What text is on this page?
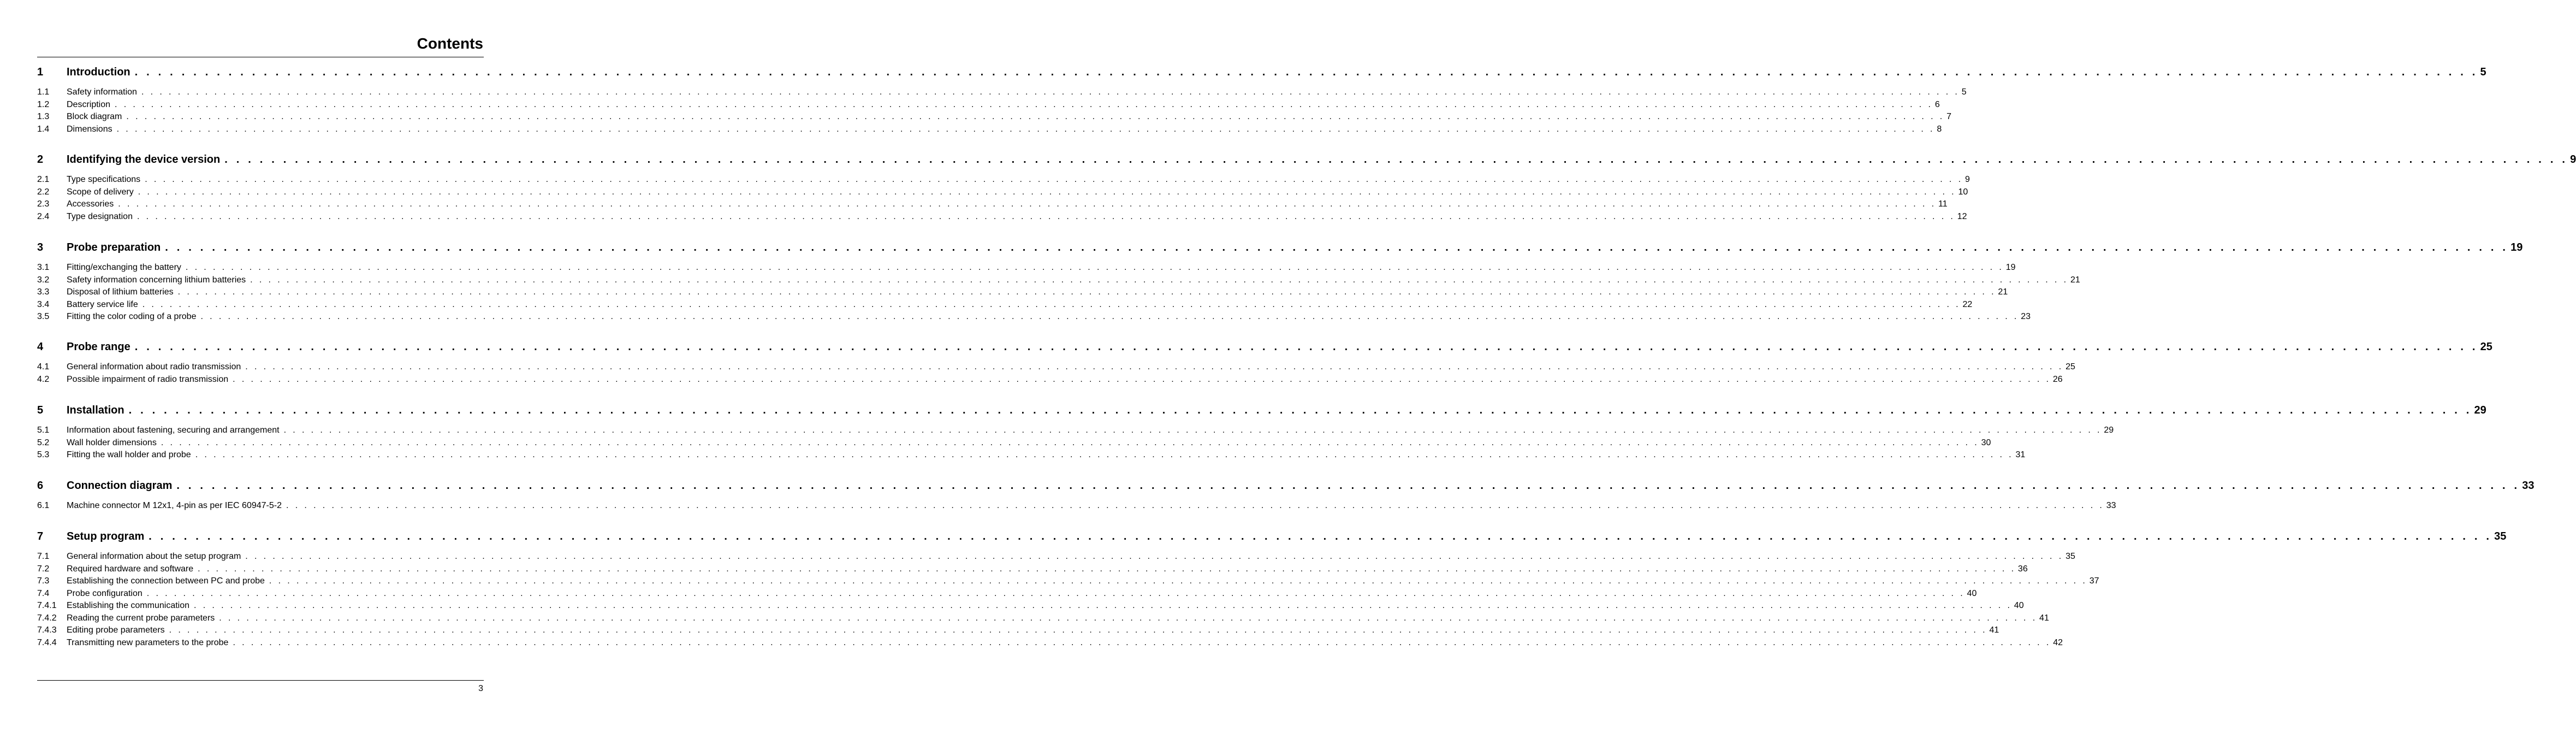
Contents
1	Introduction . . . . . . . . . . . . . . . . . . . . . . . . . . . . . . . . . . . . . . . . . . . . . . . . . . . . . . . . . . . . . . . . . . . . . . . . . . . . . . . . . . . . . . . . . . . . . . . . . . . . . . . . . . . . . . . . . . . . . . . . . . . . . . . . . . . . . . . . . . . . . . . . . . . . . . . . . . . . . . . . . . . . . . . . . . . . . . . . . . . . . . . . . . . . . . . . . . . . . . . . 5
1.1	Safety information . . . . . . . . . . . . . . . . . . . . . . . . . . . . . . . . . . . . . . . . . . . . . . . . . . . . . . . . . . . . . . . . . . . . . . . . . . . . . . . . . . . . . . . . . . . . . . . . . . . . . . . . . . . . . . . . . . . . . . . . . . . . . . . . . . . . . . . . . . . . . . . . . . . . . . . . . . . . . . . . . . . . . . . . . . . . . . . . . . . . . . . . . . . . . . . . . . . . . . . . 5
1.2	Description . . . . . . . . . . . . . . . . . . . . . . . . . . . . . . . . . . . . . . . . . . . . . . . . . . . . . . . . . . . . . . . . . . . . . . . . . . . . . . . . . . . . . . . . . . . . . . . . . . . . . . . . . . . . . . . . . . . . . . . . . . . . . . . . . . . . . . . . . . . . . . . . . . . . . . . . . . . . . . . . . . . . . . . . . . . . . . . . . . . . . . . . . . . . . . . . . . . . . . . . 6
1.3	Block diagram . . . . . . . . . . . . . . . . . . . . . . . . . . . . . . . . . . . . . . . . . . . . . . . . . . . . . . . . . . . . . . . . . . . . . . . . . . . . . . . . . . . . . . . . . . . . . . . . . . . . . . . . . . . . . . . . . . . . . . . . . . . . . . . . . . . . . . . . . . . . . . . . . . . . . . . . . . . . . . . . . . . . . . . . . . . . . . . . . . . . . . . . . . . . . . . . . . . . . . . . 7
1.4	Dimensions . . . . . . . . . . . . . . . . . . . . . . . . . . . . . . . . . . . . . . . . . . . . . . . . . . . . . . . . . . . . . . . . . . . . . . . . . . . . . . . . . . . . . . . . . . . . . . . . . . . . . . . . . . . . . . . . . . . . . . . . . . . . . . . . . . . . . . . . . . . . . . . . . . . . . . . . . . . . . . . . . . . . . . . . . . . . . . . . . . . . . . . . . . . . . . . . . . . . . . . . 8
2	Identifying the device version . . . . . . . . . . . . . . . . . . . . . . . . . . . . . . . . . . . . . . . . . . . . . . . . . . . . . . . . . . . . . . . . . . . . . . . . . . . . . . . . . . . . . . . . . . . . . . . . . . . . . . . . . . . . . . . . . . . . . . . . . . . . . . . . . . . . . . . . . . . . . . . . . . . . . . . . . . . . . . . . . . . . . . . . . . . . . . . . . . . . . . . . . . . . . . . . . . . . . . . . 9
2.1	Type specifications . . . . . . . . . . . . . . . . . . . . . . . . . . . . . . . . . . . . . . . . . . . . . . . . . . . . . . . . . . . . . . . . . . . . . . . . . . . . . . . . . . . . . . . . . . . . . . . . . . . . . . . . . . . . . . . . . . . . . . . . . . . . . . . . . . . . . . . . . . . . . . . . . . . . . . . . . . . . . . . . . . . . . . . . . . . . . . . . . . . . . . . . . . . . . . . . . . . . . . . . 9
2.2	Scope of delivery . . . . . . . . . . . . . . . . . . . . . . . . . . . . . . . . . . . . . . . . . . . . . . . . . . . . . . . . . . . . . . . . . . . . . . . . . . . . . . . . . . . . . . . . . . . . . . . . . . . . . . . . . . . . . . . . . . . . . . . . . . . . . . . . . . . . . . . . . . . . . . . . . . . . . . . . . . . . . . . . . . . . . . . . . . . . . . . . . . . . . . . . . . . . . . . . . . . . . . . . 10
2.3	Accessories . . . . . . . . . . . . . . . . . . . . . . . . . . . . . . . . . . . . . . . . . . . . . . . . . . . . . . . . . . . . . . . . . . . . . . . . . . . . . . . . . . . . . . . . . . . . . . . . . . . . . . . . . . . . . . . . . . . . . . . . . . . . . . . . . . . . . . . . . . . . . . . . . . . . . . . . . . . . . . . . . . . . . . . . . . . . . . . . . . . . . . . . . . . . . . . . . . . . . . . . 11
2.4	Type designation . . . . . . . . . . . . . . . . . . . . . . . . . . . . . . . . . . . . . . . . . . . . . . . . . . . . . . . . . . . . . . . . . . . . . . . . . . . . . . . . . . . . . . . . . . . . . . . . . . . . . . . . . . . . . . . . . . . . . . . . . . . . . . . . . . . . . . . . . . . . . . . . . . . . . . . . . . . . . . . . . . . . . . . . . . . . . . . . . . . . . . . . . . . . . . . . . . . . . . . . 12
3	Probe preparation . . . . . . . . . . . . . . . . . . . . . . . . . . . . . . . . . . . . . . . . . . . . . . . . . . . . . . . . . . . . . . . . . . . . . . . . . . . . . . . . . . . . . . . . . . . . . . . . . . . . . . . . . . . . . . . . . . . . . . . . . . . . . . . . . . . . . . . . . . . . . . . . . . . . . . . . . . . . . . . . . . . . . . . . . . . . . . . . . . . . . . . . . . . . . . . . . . . . . . . . 19
3.1	Fitting/exchanging the battery . . . . . . . . . . . . . . . . . . . . . . . . . . . . . . . . . . . . . . . . . . . . . . . . . . . . . . . . . . . . . . . . . . . . . . . . . . . . . . . . . . . . . . . . . . . . . . . . . . . . . . . . . . . . . . . . . . . . . . . . . . . . . . . . . . . . . . . . . . . . . . . . . . . . . . . . . . . . . . . . . . . . . . . . . . . . . . . . . . . . . . . . . . . . . . . . . . . . . . . . 19
3.2	Safety information concerning lithium batteries . . . . . . . . . . . . . . . . . . . . . . . . . . . . . . . . . . . . . . . . . . . . . . . . . . . . . . . . . . . . . . . . . . . . . . . . . . . . . . . . . . . . . . . . . . . . . . . . . . . . . . . . . . . . . . . . . . . . . . . . . . . . . . . . . . . . . . . . . . . . . . . . . . . . . . . . . . . . . . . . . . . . . . . . . . . . . . . . . . . . . . . . . . . . . . . . . . . . . . . . 21
3.3	Disposal of lithium batteries . . . . . . . . . . . . . . . . . . . . . . . . . . . . . . . . . . . . . . . . . . . . . . . . . . . . . . . . . . . . . . . . . . . . . . . . . . . . . . . . . . . . . . . . . . . . . . . . . . . . . . . . . . . . . . . . . . . . . . . . . . . . . . . . . . . . . . . . . . . . . . . . . . . . . . . . . . . . . . . . . . . . . . . . . . . . . . . . . . . . . . . . . . . . . . . . . . . . . . . . 21
3.4	Battery service life . . . . . . . . . . . . . . . . . . . . . . . . . . . . . . . . . . . . . . . . . . . . . . . . . . . . . . . . . . . . . . . . . . . . . . . . . . . . . . . . . . . . . . . . . . . . . . . . . . . . . . . . . . . . . . . . . . . . . . . . . . . . . . . . . . . . . . . . . . . . . . . . . . . . . . . . . . . . . . . . . . . . . . . . . . . . . . . . . . . . . . . . . . . . . . . . . . . . . . . . 22
3.5	Fitting the color coding of a probe . . . . . . . . . . . . . . . . . . . . . . . . . . . . . . . . . . . . . . . . . . . . . . . . . . . . . . . . . . . . . . . . . . . . . . . . . . . . . . . . . . . . . . . . . . . . . . . . . . . . . . . . . . . . . . . . . . . . . . . . . . . . . . . . . . . . . . . . . . . . . . . . . . . . . . . . . . . . . . . . . . . . . . . . . . . . . . . . . . . . . . . . . . . . . . . . . . . . . . . . 23
4	Probe range . . . . . . . . . . . . . . . . . . . . . . . . . . . . . . . . . . . . . . . . . . . . . . . . . . . . . . . . . . . . . . . . . . . . . . . . . . . . . . . . . . . . . . . . . . . . . . . . . . . . . . . . . . . . . . . . . . . . . . . . . . . . . . . . . . . . . . . . . . . . . . . . . . . . . . . . . . . . . . . . . . . . . . . . . . . . . . . . . . . . . . . . . . . . . . . . . . . . . . . . 25
4.1	General information about radio transmission . . . . . . . . . . . . . . . . . . . . . . . . . . . . . . . . . . . . . . . . . . . . . . . . . . . . . . . . . . . . . . . . . . . . . . . . . . . . . . . . . . . . . . . . . . . . . . . . . . . . . . . . . . . . . . . . . . . . . . . . . . . . . . . . . . . . . . . . . . . . . . . . . . . . . . . . . . . . . . . . . . . . . . . . . . . . . . . . . . . . . . . . . . . . . . . . . . . . . . . . 25
4.2	Possible impairment of radio transmission . . . . . . . . . . . . . . . . . . . . . . . . . . . . . . . . . . . . . . . . . . . . . . . . . . . . . . . . . . . . . . . . . . . . . . . . . . . . . . . . . . . . . . . . . . . . . . . . . . . . . . . . . . . . . . . . . . . . . . . . . . . . . . . . . . . . . . . . . . . . . . . . . . . . . . . . . . . . . . . . . . . . . . . . . . . . . . . . . . . . . . . . . . . . . . . . . . . . . . . . 26
5	Installation . . . . . . . . . . . . . . . . . . . . . . . . . . . . . . . . . . . . . . . . . . . . . . . . . . . . . . . . . . . . . . . . . . . . . . . . . . . . . . . . . . . . . . . . . . . . . . . . . . . . . . . . . . . . . . . . . . . . . . . . . . . . . . . . . . . . . . . . . . . . . . . . . . . . . . . . . . . . . . . . . . . . . . . . . . . . . . . . . . . . . . . . . . . . . . . . . . . . . . . . 29
5.1	Information about fastening, securing and arrangement . . . . . . . . . . . . . . . . . . . . . . . . . . . . . . . . . . . . . . . . . . . . . . . . . . . . . . . . . . . . . . . . . . . . . . . . . . . . . . . . . . . . . . . . . . . . . . . . . . . . . . . . . . . . . . . . . . . . . . . . . . . . . . . . . . . . . . . . . . . . . . . . . . . . . . . . . . . . . . . . . . . . . . . . . . . . . . . . . . . . . . . . . . . . . . . . . . . . . . . . 29
5.2	Wall holder dimensions . . . . . . . . . . . . . . . . . . . . . . . . . . . . . . . . . . . . . . . . . . . . . . . . . . . . . . . . . . . . . . . . . . . . . . . . . . . . . . . . . . . . . . . . . . . . . . . . . . . . . . . . . . . . . . . . . . . . . . . . . . . . . . . . . . . . . . . . . . . . . . . . . . . . . . . . . . . . . . . . . . . . . . . . . . . . . . . . . . . . . . . . . . . . . . . . . . . . . . . . 30
5.3	Fitting the wall holder and probe . . . . . . . . . . . . . . . . . . . . . . . . . . . . . . . . . . . . . . . . . . . . . . . . . . . . . . . . . . . . . . . . . . . . . . . . . . . . . . . . . . . . . . . . . . . . . . . . . . . . . . . . . . . . . . . . . . . . . . . . . . . . . . . . . . . . . . . . . . . . . . . . . . . . . . . . . . . . . . . . . . . . . . . . . . . . . . . . . . . . . . . . . . . . . . . . . . . . . . . . 31
6	Connection diagram . . . . . . . . . . . . . . . . . . . . . . . . . . . . . . . . . . . . . . . . . . . . . . . . . . . . . . . . . . . . . . . . . . . . . . . . . . . . . . . . . . . . . . . . . . . . . . . . . . . . . . . . . . . . . . . . . . . . . . . . . . . . . . . . . . . . . . . . . . . . . . . . . . . . . . . . . . . . . . . . . . . . . . . . . . . . . . . . . . . . . . . . . . . . . . . . . . . . . . . . 33
6.1	Machine connector M 12x1, 4-pin as per IEC 60947-5-2 . . . . . . . . . . . . . . . . . . . . . . . . . . . . . . . . . . . . . . . . . . . . . . . . . . . . . . . . . . . . . . . . . . . . . . . . . . . . . . . . . . . . . . . . . . . . . . . . . . . . . . . . . . . . . . . . . . . . . . . . . . . . . . . . . . . . . . . . . . . . . . . . . . . . . . . . . . . . . . . . . . . . . . . . . . . . . . . . . . . . . . . . . . . . . . . . . . . . . . . . 33
7	Setup program . . . . . . . . . . . . . . . . . . . . . . . . . . . . . . . . . . . . . . . . . . . . . . . . . . . . . . . . . . . . . . . . . . . . . . . . . . . . . . . . . . . . . . . . . . . . . . . . . . . . . . . . . . . . . . . . . . . . . . . . . . . . . . . . . . . . . . . . . . . . . . . . . . . . . . . . . . . . . . . . . . . . . . . . . . . . . . . . . . . . . . . . . . . . . . . . . . . . . . . . 35
7.1	General information about the setup program . . . . . . . . . . . . . . . . . . . . . . . . . . . . . . . . . . . . . . . . . . . . . . . . . . . . . . . . . . . . . . . . . . . . . . . . . . . . . . . . . . . . . . . . . . . . . . . . . . . . . . . . . . . . . . . . . . . . . . . . . . . . . . . . . . . . . . . . . . . . . . . . . . . . . . . . . . . . . . . . . . . . . . . . . . . . . . . . . . . . . . . . . . . . . . . . . . . . . . . . 35
7.2	Required hardware and software . . . . . . . . . . . . . . . . . . . . . . . . . . . . . . . . . . . . . . . . . . . . . . . . . . . . . . . . . . . . . . . . . . . . . . . . . . . . . . . . . . . . . . . . . . . . . . . . . . . . . . . . . . . . . . . . . . . . . . . . . . . . . . . . . . . . . . . . . . . . . . . . . . . . . . . . . . . . . . . . . . . . . . . . . . . . . . . . . . . . . . . . . . . . . . . . . . . . . . . . 36
7.3	Establishing the connection between PC and probe . . . . . . . . . . . . . . . . . . . . . . . . . . . . . . . . . . . . . . . . . . . . . . . . . . . . . . . . . . . . . . . . . . . . . . . . . . . . . . . . . . . . . . . . . . . . . . . . . . . . . . . . . . . . . . . . . . . . . . . . . . . . . . . . . . . . . . . . . . . . . . . . . . . . . . . . . . . . . . . . . . . . . . . . . . . . . . . . . . . . . . . . . . . . . . . . . . . . . . . . 37
7.4	Probe configuration . . . . . . . . . . . . . . . . . . . . . . . . . . . . . . . . . . . . . . . . . . . . . . . . . . . . . . . . . . . . . . . . . . . . . . . . . . . . . . . . . . . . . . . . . . . . . . . . . . . . . . . . . . . . . . . . . . . . . . . . . . . . . . . . . . . . . . . . . . . . . . . . . . . . . . . . . . . . . . . . . . . . . . . . . . . . . . . . . . . . . . . . . . . . . . . . . . . . . . . . 40
7.4.1	Establishing the communication . . . . . . . . . . . . . . . . . . . . . . . . . . . . . . . . . . . . . . . . . . . . . . . . . . . . . . . . . . . . . . . . . . . . . . . . . . . . . . . . . . . . . . . . . . . . . . . . . . . . . . . . . . . . . . . . . . . . . . . . . . . . . . . . . . . . . . . . . . . . . . . . . . . . . . . . . . . . . . . . . . . . . . . . . . . . . . . . . . . . . . . . . . . . . . . . . . . . . . . . 40
7.4.2	Reading the current probe parameters . . . . . . . . . . . . . . . . . . . . . . . . . . . . . . . . . . . . . . . . . . . . . . . . . . . . . . . . . . . . . . . . . . . . . . . . . . . . . . . . . . . . . . . . . . . . . . . . . . . . . . . . . . . . . . . . . . . . . . . . . . . . . . . . . . . . . . . . . . . . . . . . . . . . . . . . . . . . . . . . . . . . . . . . . . . . . . . . . . . . . . . . . . . . . . . . . . . . . . . . 41
7.4.3	Editing probe parameters . . . . . . . . . . . . . . . . . . . . . . . . . . . . . . . . . . . . . . . . . . . . . . . . . . . . . . . . . . . . . . . . . . . . . . . . . . . . . . . . . . . . . . . . . . . . . . . . . . . . . . . . . . . . . . . . . . . . . . . . . . . . . . . . . . . . . . . . . . . . . . . . . . . . . . . . . . . . . . . . . . . . . . . . . . . . . . . . . . . . . . . . . . . . . . . . . . . . . . . . 41
7.4.4	Transmitting new parameters to the probe . . . . . . . . . . . . . . . . . . . . . . . . . . . . . . . . . . . . . . . . . . . . . . . . . . . . . . . . . . . . . . . . . . . . . . . . . . . . . . . . . . . . . . . . . . . . . . . . . . . . . . . . . . . . . . . . . . . . . . . . . . . . . . . . . . . . . . . . . . . . . . . . . . . . . . . . . . . . . . . . . . . . . . . . . . . . . . . . . . . . . . . . . . . . . . . . . . . . . . . . 42
3
